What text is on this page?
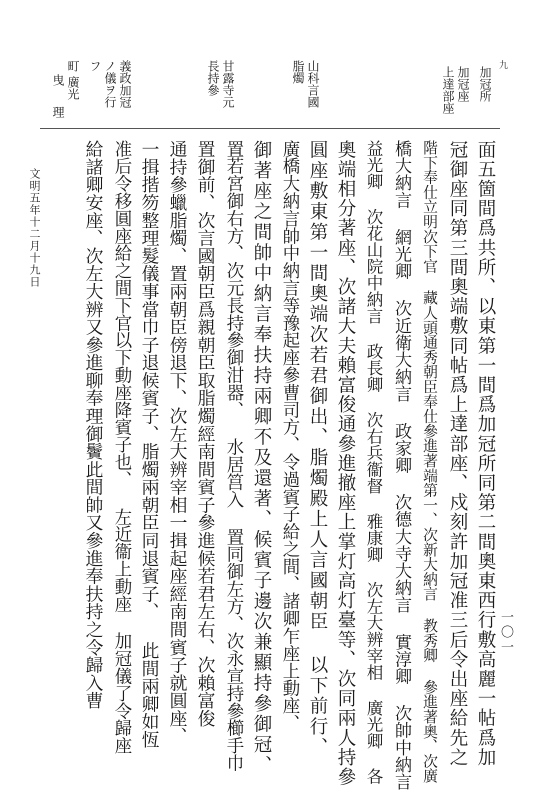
九
加冠所
加冠座
上達部座
山科言國
脂燭
甘露寺元
長持參
義政加冠
ノ儀ヲ行
フ
町
廣光
曳
理
面五箇間爲共所、以東第一間爲加冠所同第二間奧東西行敷高麗一帖爲加
冠御座同第三間奧端敷同帖爲上達部座、戍刻許加冠准三后令出座給先之
階下奉仕立明次下官 藏人頭通秀朝臣奉仕參進著端第一、次新大納言 教秀卿 參進著奧、次廣
橋大納言 網光卿 次近衛大納言 政家卿 次德大寺大納言 實淳卿 次帥中納言
益光卿 次花山院中納言 政長卿 次右兵衞督 雅康卿 次左大辨宰相 廣光卿 各
奧端相分著座、次諸大夫賴富俊通參進撤座上掌灯高灯臺等、次同兩人持參
圓座敷東第一間奧端次若君御出、脂燭殿上人言國朝臣 以下前行、
廣橋大納言帥中納言等豫起座參曹司方、令過賓子給之間、諸卿乍座上動座、
御著座之間帥中納言奉扶持兩卿不及還著、候賓子邊次兼顯持參御冠、
置若宮御右方、次元長持參御泔器、 水居筥入 置同御左方、次永宣持參櫛手巾
置御前、次言國朝臣爲親朝臣取脂燭經南間賓子參進候若君左右、次賴富俊
通持參蠟脂燭、置兩朝臣傍退下、次左大辨宰相一揖起座經南間賓子就圓座、
一揖揩笏整理髮儀事當巾子退候賓子、脂燭兩朝臣同退賓子、 此間兩卿如恆
准后令移圓座給之間下官以下動座降賓子也、 左近衞上動座 加冠儀了令歸座
給諸卿安座、次左大辨又參進聊奉理御鬢此間帥又參進奉扶持之令歸入曹
文明五年十二月十九日
一〇一
